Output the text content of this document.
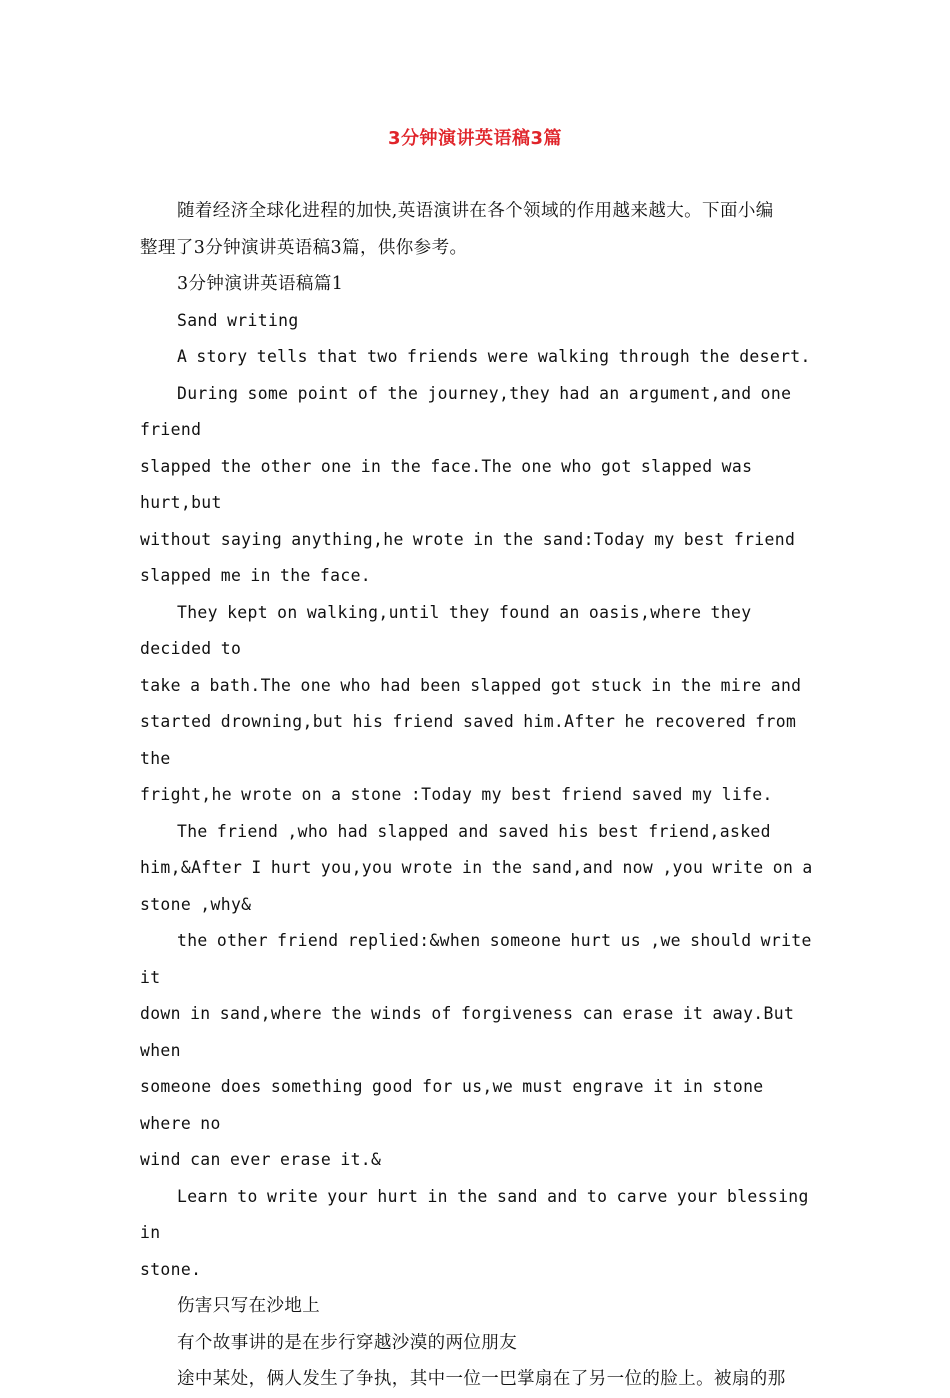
3分钟演讲英语稿3篇

随着经济全球化进程的加快,英语演讲在各个领域的作用越来越大。下面小编

整理了3分钟演讲英语稿3篇，供你参考。

3分钟演讲英语稿篇1

Sand writing

A story tells that two friends were walking through the desert.

During some point of the journey,they had an argument,and one friend

slapped the other one in the face.The one who got slapped was hurt,but

without saying anything,he wrote in the sand:Today my best friend

slapped me in the face.

They kept on walking,until they found an oasis,where they decided to

take a bath.The one who had been slapped got stuck in the mire and

started drowning,but his friend saved him.After he recovered from the

fright,he wrote on a stone :Today my best friend saved my life.

The friend ,who had slapped and saved his best friend,asked

him,&After I hurt you,you wrote in the sand,and now ,you write on a

stone ,why&

the other friend replied:&when someone hurt us ,we should write it

down in sand,where the winds of forgiveness can erase it away.But when

someone does something good for us,we must engrave it in stone where no

wind can ever erase it.&

Learn to write your hurt in the sand and to carve your blessing in

stone.

伤害只写在沙地上

有个故事讲的是在步行穿越沙漠的两位朋友

途中某处，俩人发生了争执，其中一位一巴掌扇在了另一位的脸上。被扇的那
